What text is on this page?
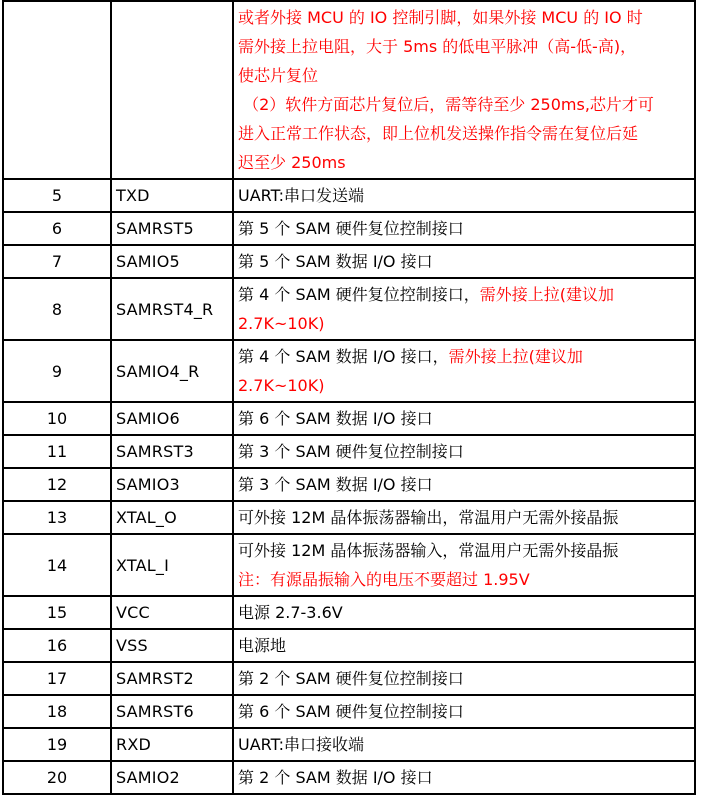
或者外接 MCU 的 IO 控制引脚，如果外接 MCU 的 IO 时
需外接上拉电阻，大于 5ms 的低电平脉冲（高-低-高)，
使芯片复位
（2）软件方面芯片复位后，需等待至少 250ms,芯片才可
进入正常工作状态，即上位机发送操作指令需在复位后延
迟至少 250ms

5	TXD	UART:串口发送端

6	SAMRST5	第 5 个 SAM 硬件复位控制接口

7	SAMIO5	第 5 个 SAM 数据 I/O 接口

8	SAMRST4_R	第 4 个 SAM 硬件复位控制接口，需外接上拉(建议加
2.7K~10K)

9	SAMIO4_R	第 4 个 SAM 数据 I/O 接口，需外接上拉(建议加
2.7K~10K)

10	SAMIO6	第 6 个 SAM 数据 I/O 接口

11	SAMRST3	第 3 个 SAM 硬件复位控制接口

12	SAMIO3	第 3 个 SAM 数据 I/O 接口

13	XTAL_O	可外接 12M 晶体振荡器输出，常温用户无需外接晶振

14	XTAL_I	可外接 12M 晶体振荡器输入，常温用户无需外接晶振
注：有源晶振输入的电压不要超过 1.95V

15	VCC	电源 2.7-3.6V

16	VSS	电源地

17	SAMRST2	第 2 个 SAM 硬件复位控制接口

18	SAMRST6	第 6 个 SAM 硬件复位控制接口

19	RXD	UART:串口接收端

20	SAMIO2	第 2 个 SAM 数据 I/O 接口
